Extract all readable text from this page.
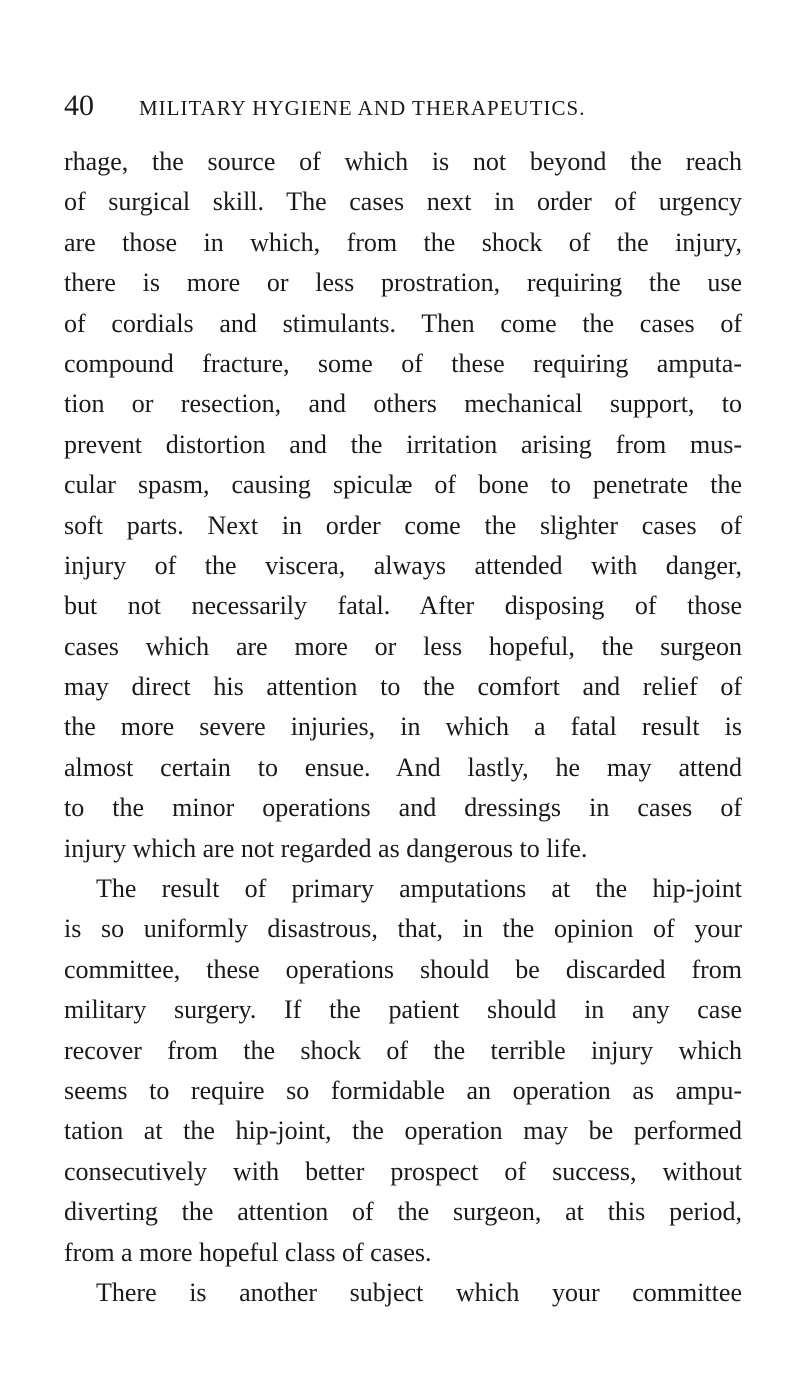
40 MILITARY HYGIENE AND THERAPEUTICS.
rhage, the source of which is not beyond the reach
of surgical skill. The cases next in order of urgency
are those in which, from the shock of the injury,
there is more or less prostration, requiring the use
of cordials and stimulants. Then come the cases of
compound fracture, some of these requiring amputa-
tion or resection, and others mechanical support, to
prevent distortion and the irritation arising from mus-
cular spasm, causing spiculæ of bone to penetrate the
soft parts. Next in order come the slighter cases of
injury of the viscera, always attended with danger,
but not necessarily fatal. After disposing of those
cases which are more or less hopeful, the surgeon
may direct his attention to the comfort and relief of
the more severe injuries, in which a fatal result is
almost certain to ensue. And lastly, he may attend
to the minor operations and dressings in cases of
injury which are not regarded as dangerous to life.
The result of primary amputations at the hip-joint
is so uniformly disastrous, that, in the opinion of your
committee, these operations should be discarded from
military surgery. If the patient should in any case
recover from the shock of the terrible injury which
seems to require so formidable an operation as ampu-
tation at the hip-joint, the operation may be performed
consecutively with better prospect of success, without
diverting the attention of the surgeon, at this period,
from a more hopeful class of cases.
There is another subject which your committee
